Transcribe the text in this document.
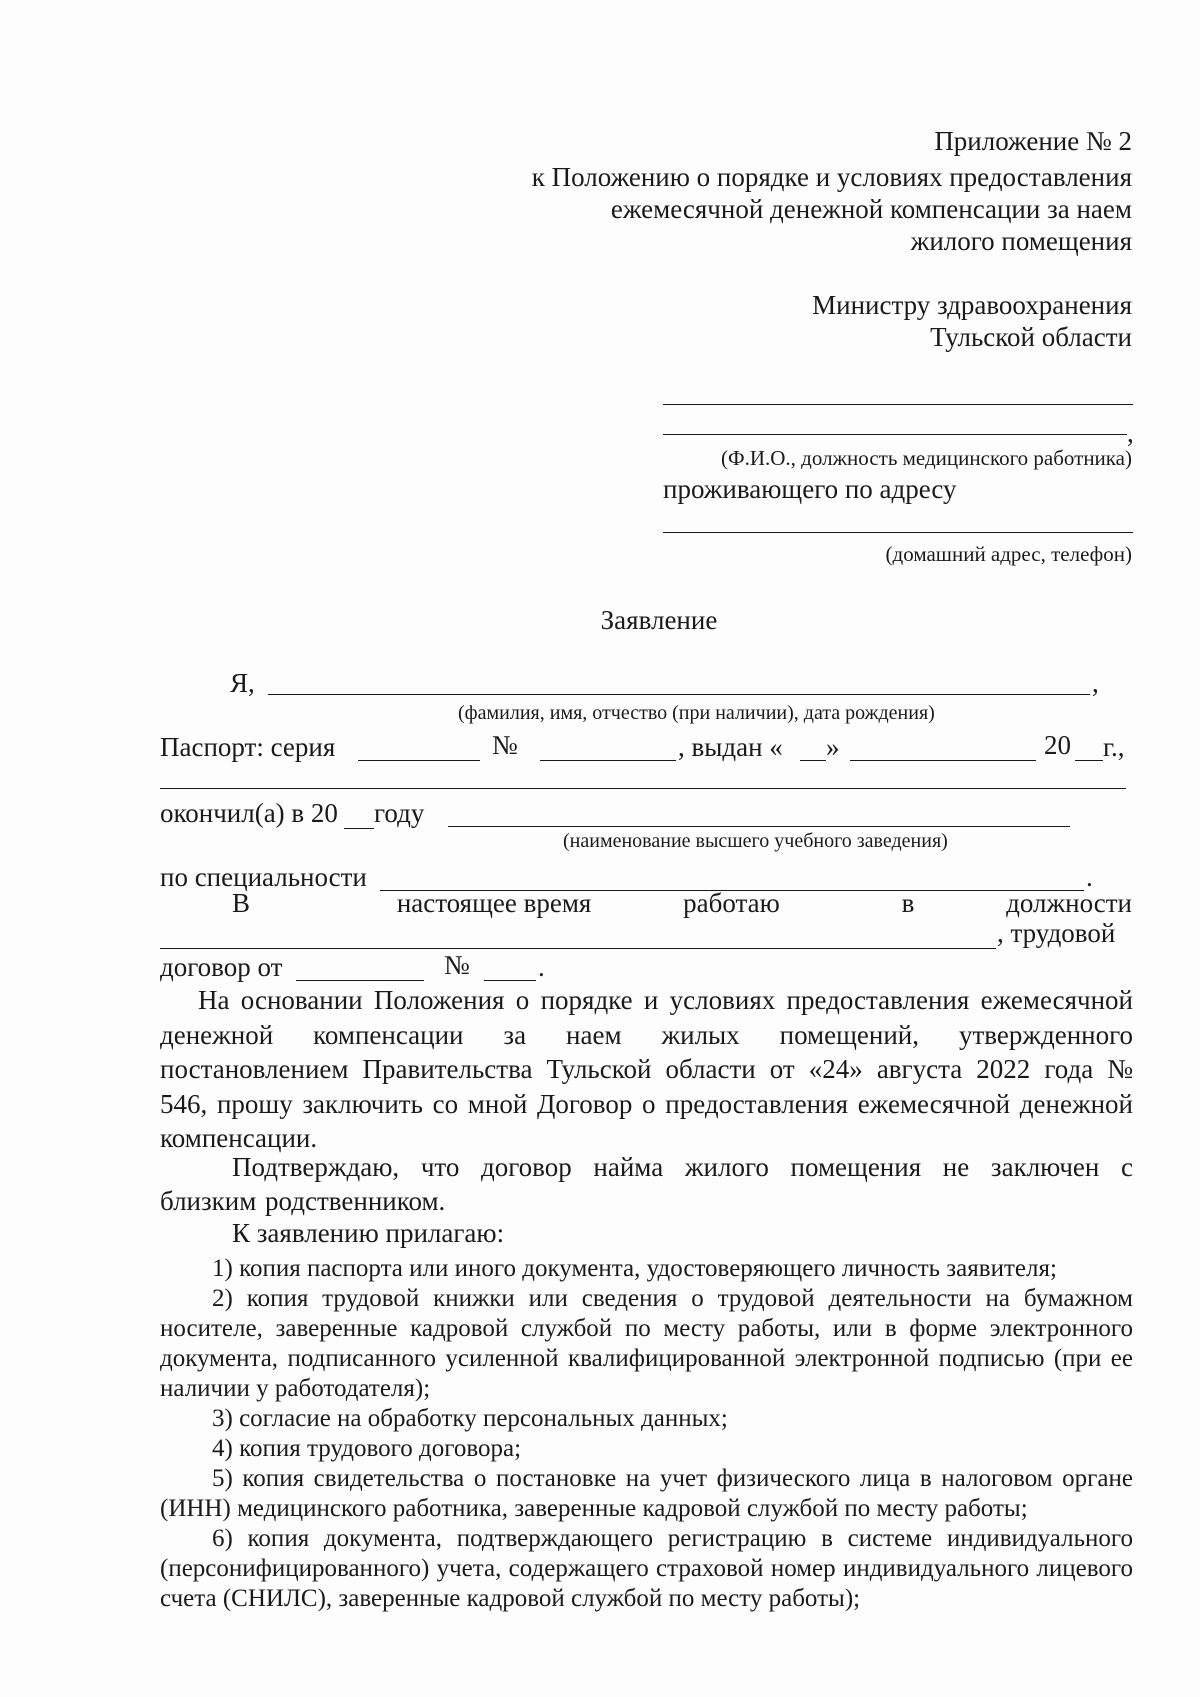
Приложение № 2
к Положению о порядке и условиях предоставления
ежемесячной денежной компенсации за наем
жилого помещения
Министру здравоохранения
Тульской области
,
(Ф.И.О., должность медицинского работника)
проживающего по адресу
(домашний адрес, телефон)
Заявление
Я,	,
(фамилия, имя, отчество (при наличии), дата рождения)
Паспорт: серия	№	, выдан « »	20 г.,
окончил(а) в 20 году
(наименование высшего учебного заведения)
по специальности	.
В	настоящее время	работаю	в	должности
, трудовой
договор от	№	.

На основании Положения о порядке и условиях предоставления ежемесячной денежной компенсации за наем жилых помещений, утвержденного постановлением Правительства Тульской области от «24» августа 2022 года № 546, прошу заключить со мной Договор о предоставления ежемесячной денежной компенсации.

Подтверждаю, что договор найма жилого помещения не заключен с близким родственником.

К заявлению прилагаю:

1) копия паспорта или иного документа, удостоверяющего личность заявителя;

2) копия трудовой книжки или сведения о трудовой деятельности на бумажном носителе, заверенные кадровой службой по месту работы, или в форме электронного документа, подписанного усиленной квалифицированной электронной подписью (при ее наличии у работодателя);

3) согласие на обработку персональных данных;

4) копия трудового договора;

5) копия свидетельства о постановке на учет физического лица в налоговом органе (ИНН) медицинского работника, заверенные кадровой службой по месту работы;

6) копия документа, подтверждающего регистрацию в системе индивидуального (персонифицированного) учета, содержащего страховой номер индивидуального лицевого счета (СНИЛС), заверенные кадровой службой по месту работы);
